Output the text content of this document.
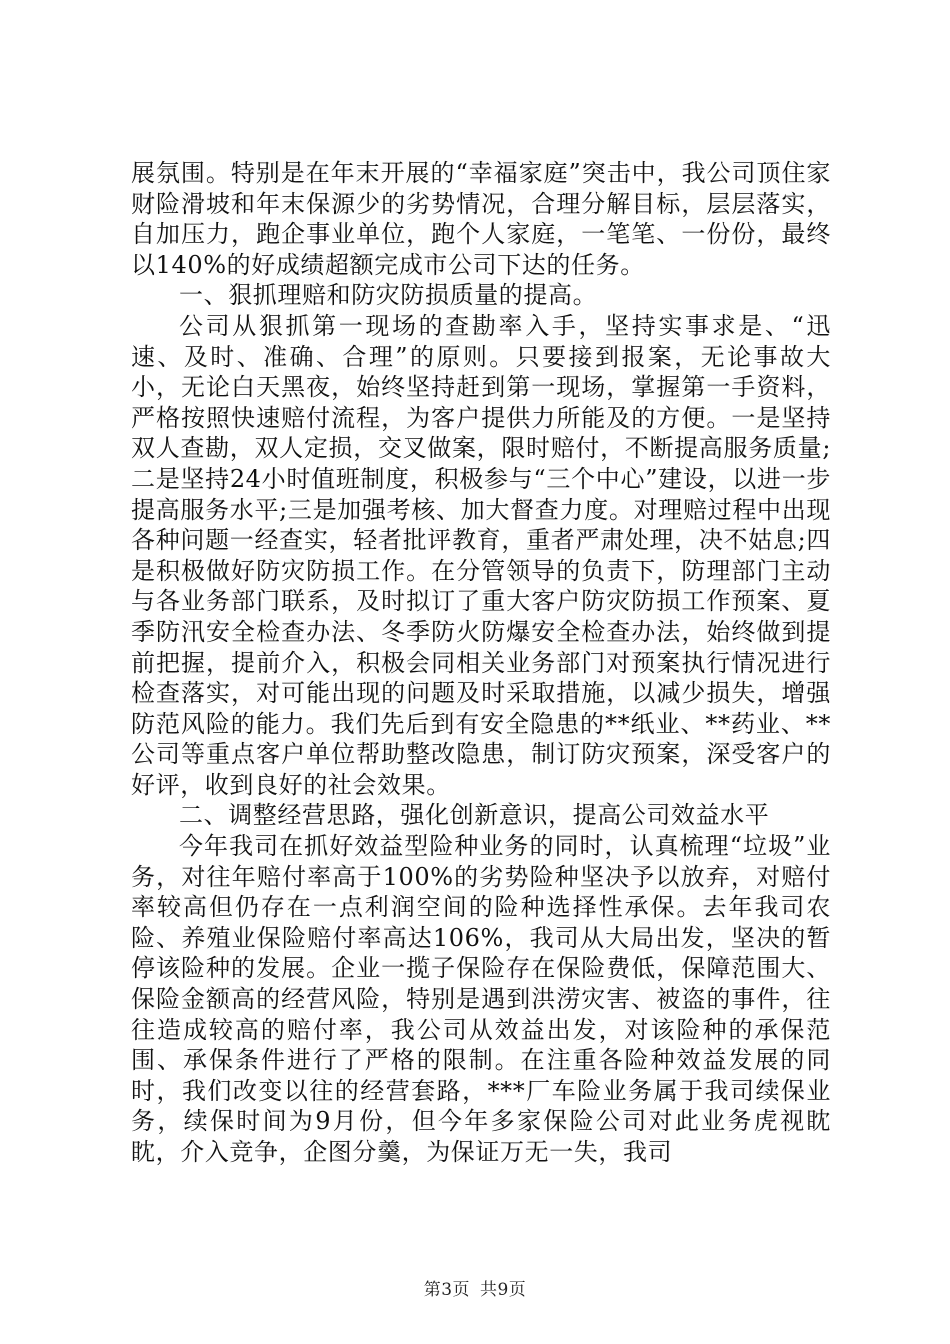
展氛围。特别是在年末开展的“幸福家庭”突击中，我公司顶住家财险滑坡和年末保源少的劣势情况，合理分解目标，层层落实，自加压力，跑企事业单位，跑个人家庭，一笔笔、一份份，最终以140%的好成绩超额完成市公司下达的任务。

一、狠抓理赔和防灾防损质量的提高。

公司从狠抓第一现场的查勘率入手，坚持实事求是、“迅速、及时、准确、合理”的原则。只要接到报案，无论事故大小，无论白天黑夜，始终坚持赶到第一现场，掌握第一手资料，严格按照快速赔付流程，为客户提供力所能及的方便。一是坚持双人查勘，双人定损，交叉做案，限时赔付，不断提高服务质量;二是坚持24小时值班制度，积极参与“三个中心”建设，以进一步提高服务水平;三是加强考核、加大督查力度。对理赔过程中出现各种问题一经查实，轻者批评教育，重者严肃处理，决不姑息;四是积极做好防灾防损工作。在分管领导的负责下，防理部门主动与各业务部门联系，及时拟订了重大客户防灾防损工作预案、夏季防汛安全检查办法、冬季防火防爆安全检查办法，始终做到提前把握，提前介入，积极会同相关业务部门对预案执行情况进行检查落实，对可能出现的问题及时采取措施，以减少损失，增强防范风险的能力。我们先后到有安全隐患的**纸业、**药业、**公司等重点客户单位帮助整改隐患，制订防灾预案，深受客户的好评，收到良好的社会效果。

二、调整经营思路，强化创新意识，提高公司效益水平

今年我司在抓好效益型险种业务的同时，认真梳理“垃圾”业务，对往年赔付率高于100%的劣势险种坚决予以放弃，对赔付率较高但仍存在一点利润空间的险种选择性承保。去年我司农险、养殖业保险赔付率高达106%，我司从大局出发，坚决的暂停该险种的发展。企业一揽子保险存在保险费低，保障范围大、保险金额高的经营风险，特别是遇到洪涝灾害、被盗的事件，往往造成较高的赔付率，我公司从效益出发，对该险种的承保范围、承保条件进行了严格的限制。在注重各险种效益发展的同时，我们改变以往的经营套路，***厂车险业务属于我司续保业务，续保时间为9月份，但今年多家保险公司对此业务虎视眈眈，介入竞争，企图分羹，为保证万无一失，我司

第3页 共9页
